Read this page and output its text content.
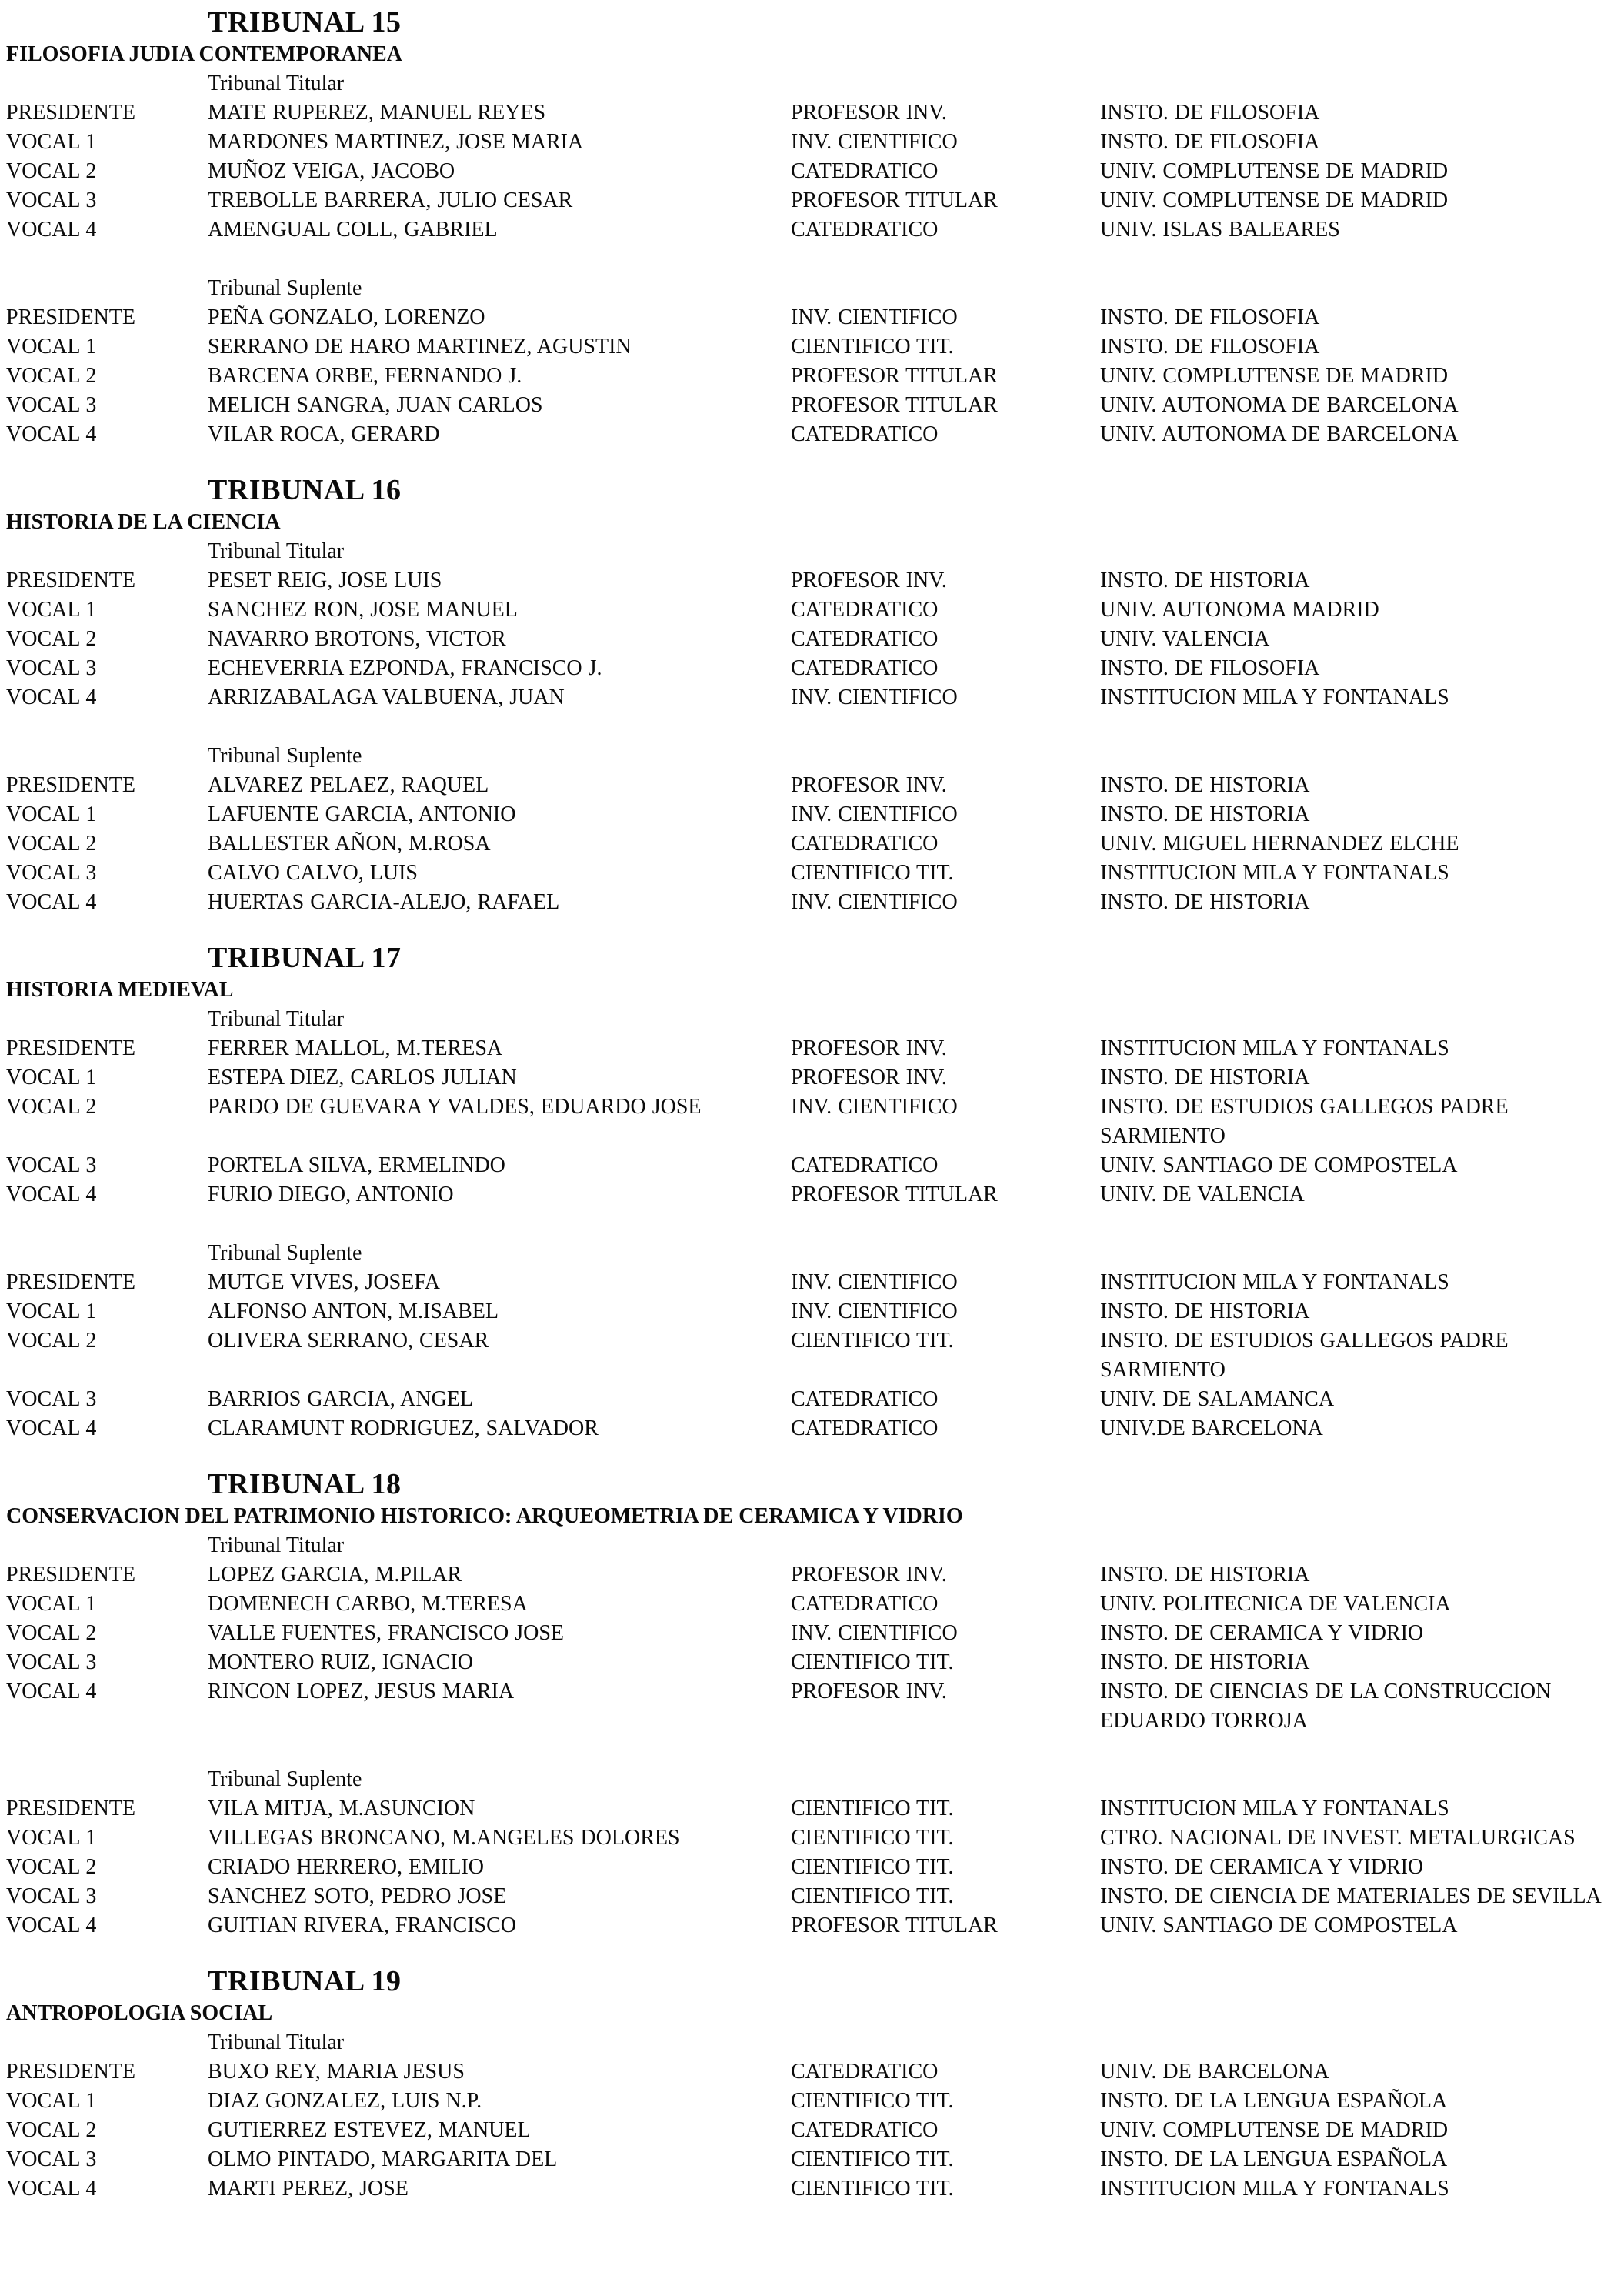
TRIBUNAL 15
FILOSOFIA JUDIA CONTEMPORANEA
Tribunal Titular
PRESIDENTE	MATE RUPEREZ, MANUEL REYES	PROFESOR INV.	INSTO. DE FILOSOFIA
VOCAL 1	MARDONES MARTINEZ, JOSE MARIA	INV. CIENTIFICO	INSTO. DE FILOSOFIA
VOCAL 2	MUÑOZ VEIGA, JACOBO	CATEDRATICO	UNIV. COMPLUTENSE DE MADRID
VOCAL 3	TREBOLLE BARRERA, JULIO CESAR	PROFESOR TITULAR	UNIV. COMPLUTENSE DE MADRID
VOCAL 4	AMENGUAL COLL, GABRIEL	CATEDRATICO	UNIV. ISLAS BALEARES
Tribunal Suplente
PRESIDENTE	PEÑA GONZALO, LORENZO	INV. CIENTIFICO	INSTO. DE FILOSOFIA
VOCAL 1	SERRANO DE HARO MARTINEZ, AGUSTIN	CIENTIFICO TIT.	INSTO. DE FILOSOFIA
VOCAL 2	BARCENA ORBE, FERNANDO J.	PROFESOR TITULAR	UNIV. COMPLUTENSE DE MADRID
VOCAL 3	MELICH SANGRA, JUAN CARLOS	PROFESOR TITULAR	UNIV. AUTONOMA DE BARCELONA
VOCAL 4	VILAR ROCA, GERARD	CATEDRATICO	UNIV. AUTONOMA DE BARCELONA
TRIBUNAL 16
HISTORIA DE LA CIENCIA
Tribunal Titular
PRESIDENTE	PESET REIG, JOSE LUIS	PROFESOR INV.	INSTO. DE HISTORIA
VOCAL 1	SANCHEZ RON, JOSE MANUEL	CATEDRATICO	UNIV. AUTONOMA MADRID
VOCAL 2	NAVARRO BROTONS, VICTOR	CATEDRATICO	UNIV. VALENCIA
VOCAL 3	ECHEVERRIA EZPONDA, FRANCISCO J.	CATEDRATICO	INSTO. DE FILOSOFIA
VOCAL 4	ARRIZABALAGA VALBUENA, JUAN	INV. CIENTIFICO	INSTITUCION MILA Y FONTANALS
Tribunal Suplente
PRESIDENTE	ALVAREZ PELAEZ, RAQUEL	PROFESOR INV.	INSTO. DE HISTORIA
VOCAL 1	LAFUENTE GARCIA, ANTONIO	INV. CIENTIFICO	INSTO. DE HISTORIA
VOCAL 2	BALLESTER AÑON, M.ROSA	CATEDRATICO	UNIV. MIGUEL HERNANDEZ ELCHE
VOCAL 3	CALVO CALVO, LUIS	CIENTIFICO TIT.	INSTITUCION MILA Y FONTANALS
VOCAL 4	HUERTAS GARCIA-ALEJO, RAFAEL	INV. CIENTIFICO	INSTO. DE HISTORIA
TRIBUNAL 17
HISTORIA MEDIEVAL
Tribunal Titular
PRESIDENTE	FERRER MALLOL, M.TERESA	PROFESOR INV.	INSTITUCION MILA Y FONTANALS
VOCAL 1	ESTEPA DIEZ, CARLOS JULIAN	PROFESOR INV.	INSTO. DE HISTORIA
VOCAL 2	PARDO DE GUEVARA Y VALDES, EDUARDO JOSE	INV. CIENTIFICO	INSTO. DE ESTUDIOS GALLEGOS PADRE SARMIENTO
VOCAL 3	PORTELA SILVA, ERMELINDO	CATEDRATICO	UNIV. SANTIAGO DE COMPOSTELA
VOCAL 4	FURIO DIEGO, ANTONIO	PROFESOR TITULAR	UNIV. DE VALENCIA
Tribunal Suplente
PRESIDENTE	MUTGE VIVES, JOSEFA	INV. CIENTIFICO	INSTITUCION MILA Y FONTANALS
VOCAL 1	ALFONSO ANTON, M.ISABEL	INV. CIENTIFICO	INSTO. DE HISTORIA
VOCAL 2	OLIVERA SERRANO, CESAR	CIENTIFICO TIT.	INSTO. DE ESTUDIOS GALLEGOS PADRE SARMIENTO
VOCAL 3	BARRIOS GARCIA, ANGEL	CATEDRATICO	UNIV. DE SALAMANCA
VOCAL 4	CLARAMUNT RODRIGUEZ, SALVADOR	CATEDRATICO	UNIV.DE BARCELONA
TRIBUNAL 18
CONSERVACION DEL PATRIMONIO HISTORICO: ARQUEOMETRIA DE CERAMICA Y VIDRIO
Tribunal Titular
PRESIDENTE	LOPEZ GARCIA, M.PILAR	PROFESOR INV.	INSTO. DE HISTORIA
VOCAL 1	DOMENECH CARBO, M.TERESA	CATEDRATICO	UNIV. POLITECNICA DE VALENCIA
VOCAL 2	VALLE FUENTES, FRANCISCO JOSE	INV. CIENTIFICO	INSTO. DE CERAMICA Y VIDRIO
VOCAL 3	MONTERO RUIZ, IGNACIO	CIENTIFICO TIT.	INSTO. DE HISTORIA
VOCAL 4	RINCON LOPEZ, JESUS MARIA	PROFESOR INV.	INSTO. DE CIENCIAS DE LA CONSTRUCCION EDUARDO TORROJA
Tribunal Suplente
PRESIDENTE	VILA MITJA, M.ASUNCION	CIENTIFICO TIT.	INSTITUCION MILA Y FONTANALS
VOCAL 1	VILLEGAS BRONCANO, M.ANGELES DOLORES	CIENTIFICO TIT.	CTRO. NACIONAL DE INVEST. METALURGICAS
VOCAL 2	CRIADO HERRERO, EMILIO	CIENTIFICO TIT.	INSTO. DE CERAMICA Y VIDRIO
VOCAL 3	SANCHEZ SOTO, PEDRO JOSE	CIENTIFICO TIT.	INSTO. DE CIENCIA DE MATERIALES DE SEVILLA
VOCAL 4	GUITIAN RIVERA, FRANCISCO	PROFESOR TITULAR	UNIV. SANTIAGO DE COMPOSTELA
TRIBUNAL 19
ANTROPOLOGIA SOCIAL
Tribunal Titular
PRESIDENTE	BUXO REY, MARIA JESUS	CATEDRATICO	UNIV. DE BARCELONA
VOCAL 1	DIAZ GONZALEZ, LUIS N.P.	CIENTIFICO TIT.	INSTO. DE LA LENGUA ESPAÑOLA
VOCAL 2	GUTIERREZ ESTEVEZ, MANUEL	CATEDRATICO	UNIV. COMPLUTENSE DE MADRID
VOCAL 3	OLMO PINTADO, MARGARITA DEL	CIENTIFICO TIT.	INSTO. DE LA LENGUA ESPAÑOLA
VOCAL 4	MARTI PEREZ, JOSE	CIENTIFICO TIT.	INSTITUCION MILA Y FONTANALS
